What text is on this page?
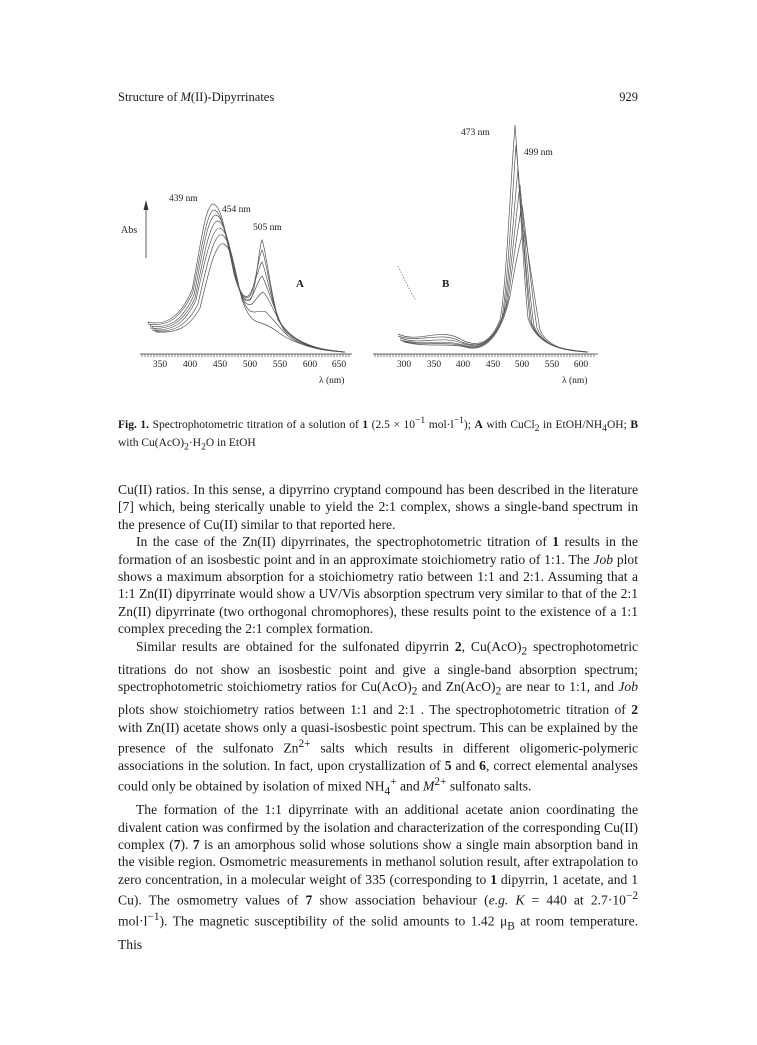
Structure of M(II)-Dipyrrinates	929
Abs
439 nm
454 nm
505 nm
A
350 400 450 500 550 600 650
λ (nm)
473 nm
499 nm
B
300 350 400 450 500 550 600
λ (nm)
Fig. 1. Spectrophotometric titration of a solution of 1 ($2.5 \times 10^{-1}$ $mol\cdot l^{-1}$); A with CuCl$_2$ in EtOH/$NH_4OH$; B with $Cu(AcO)_2\cdot H_2O$ in EtOH

Cu(II) ratios. In this sense, a dipyrrino cryptand compound has been described in the literature [7] which, being sterically unable to yield the 2:1 complex, shows a single-band spectrum in the presence of Cu(II) similar to that reported here.

In the case of the Zn(II) dipyrrinates, the spectrophotometric titration of 1 results in the formation of an isosbestic point and in an approximate stoichiometry ratio of 1:1. The Job plot shows a maximum absorption for a stoichiometry ratio between 1:1 and 2:1. Assuming that a 1:1 Zn(II) dipyrrinate would show a UV/Vis absorption spectrum very similar to that of the 2:1 Zn(II) dipyrrinate (two orthogonal chromophores), these results point to the existence of a 1:1 complex preceding the 2:1 complex formation.

Similar results are obtained for the sulfonated dipyrrin 2, $Cu(AcO)_2$ spectrophotometric titrations do not show an isosbestic point and give a single-band absorption spectrum; spectrophotometric stoichiometry ratios for $Cu(AcO)_2$ and $Zn(AcO)_2$ are near to 1:1, and Job plots show stoichiometry ratios between 1:1 and 2:1 . The spectrophotometric titration of 2 with Zn(II) acetate shows only a quasi-isosbestic point spectrum. This can be explained by the presence of the sulfonato $Zn^{2+}$ salts which results in different oligomeric-polymeric associations in the solution. In fact, upon crystallization of 5 and 6, correct elemental analyses could only be obtained by isolation of mixed $NH_4^+$ and $M^{2+}$ sulfonato salts.

The formation of the 1:1 dipyrrinate with an additional acetate anion coordinating the divalent cation was confirmed by the isolation and characterization of the corresponding Cu(II) complex (7). 7 is an amorphous solid whose solutions show a single main absorption band in the visible region. Osmometric measurements in methanol solution result, after extrapolation to zero concentration, in a molecular weight of 335 (corresponding to 1 dipyrrin, 1 acetate, and 1 Cu). The osmometry values of 7 show association behaviour (e.g. K = 440 at $2.7\cdot 10^{-2}$ $mol\cdot l^{-1}$). The magnetic susceptibility of the solid amounts to 1.42 $\mu_B$ at room temperature. This
